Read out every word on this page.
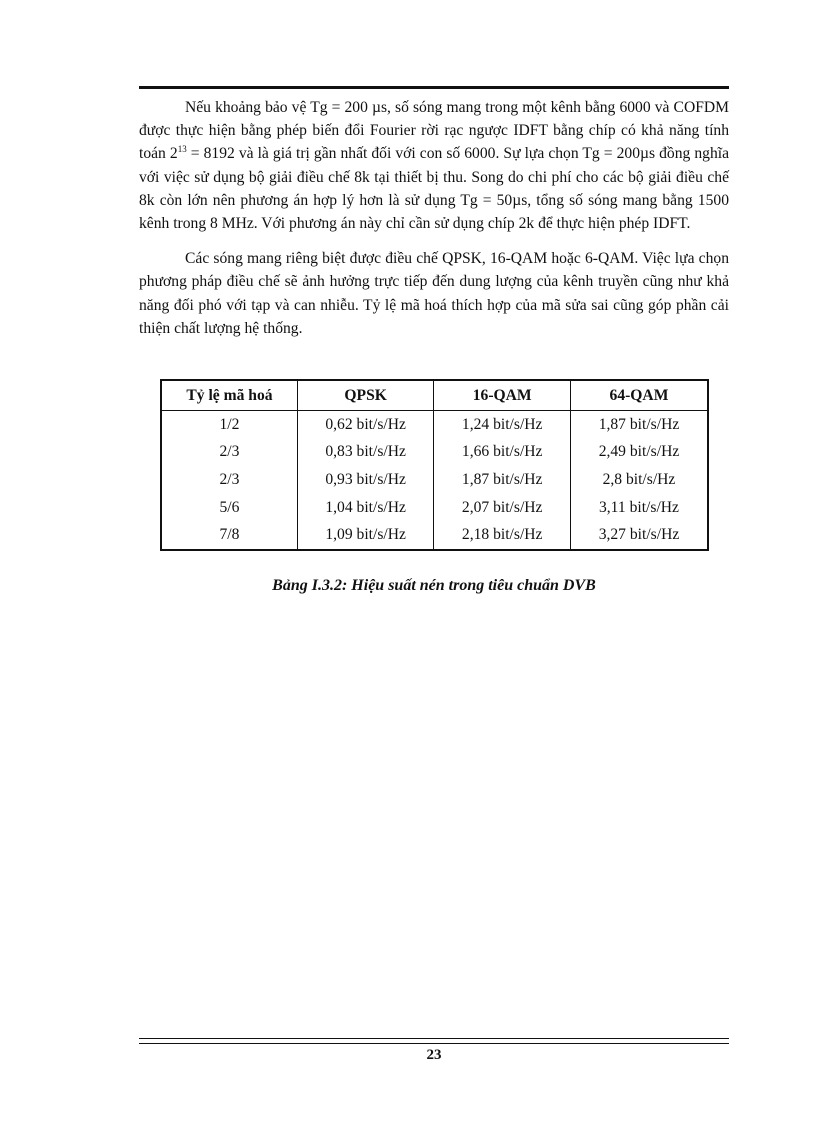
Nếu khoảng bảo vệ Tg = 200 µs, số sóng mang trong một kênh bằng 6000 và COFDM được thực hiện bằng phép biến đổi Fourier rời rạc ngược IDFT bằng chíp có khả năng tính toán $2^{13} = 8192$ và là giá trị gần nhất đối với con số 6000. Sự lựa chọn Tg = 200µs đồng nghĩa với việc sử dụng bộ giải điều chế 8k tại thiết bị thu. Song do chi phí cho các bộ giải điều chế 8k còn lớn nên phương án hợp lý hơn là sử dụng Tg = 50µs, tổng số sóng mang bằng 1500 kênh trong 8 MHz. Với phương án này chỉ cần sử dụng chíp 2k để thực hiện phép IDFT.

Các sóng mang riêng biệt được điều chế QPSK, 16-QAM hoặc 6-QAM. Việc lựa chọn phương pháp điều chế sẽ ảnh hưởng trực tiếp đến dung lượng của kênh truyền cũng như khả năng đối phó với tạp và can nhiễu. Tỷ lệ mã hoá thích hợp của mã sửa sai cũng góp phần cải thiện chất lượng hệ thống.

Tỷ lệ mã hoá	QPSK	16-QAM	64-QAM
1/2	0,62 bit/s/Hz	1,24 bit/s/Hz	1,87 bit/s/Hz
2/3	0,83 bit/s/Hz	1,66 bit/s/Hz	2,49 bit/s/Hz
2/3	0,93 bit/s/Hz	1,87 bit/s/Hz	2,8 bit/s/Hz
5/6	1,04 bit/s/Hz	2,07 bit/s/Hz	3,11 bit/s/Hz
7/8	1,09 bit/s/Hz	2,18 bit/s/Hz	3,27 bit/s/Hz
Bảng I.3.2: Hiệu suất nén trong tiêu chuẩn DVB
23
